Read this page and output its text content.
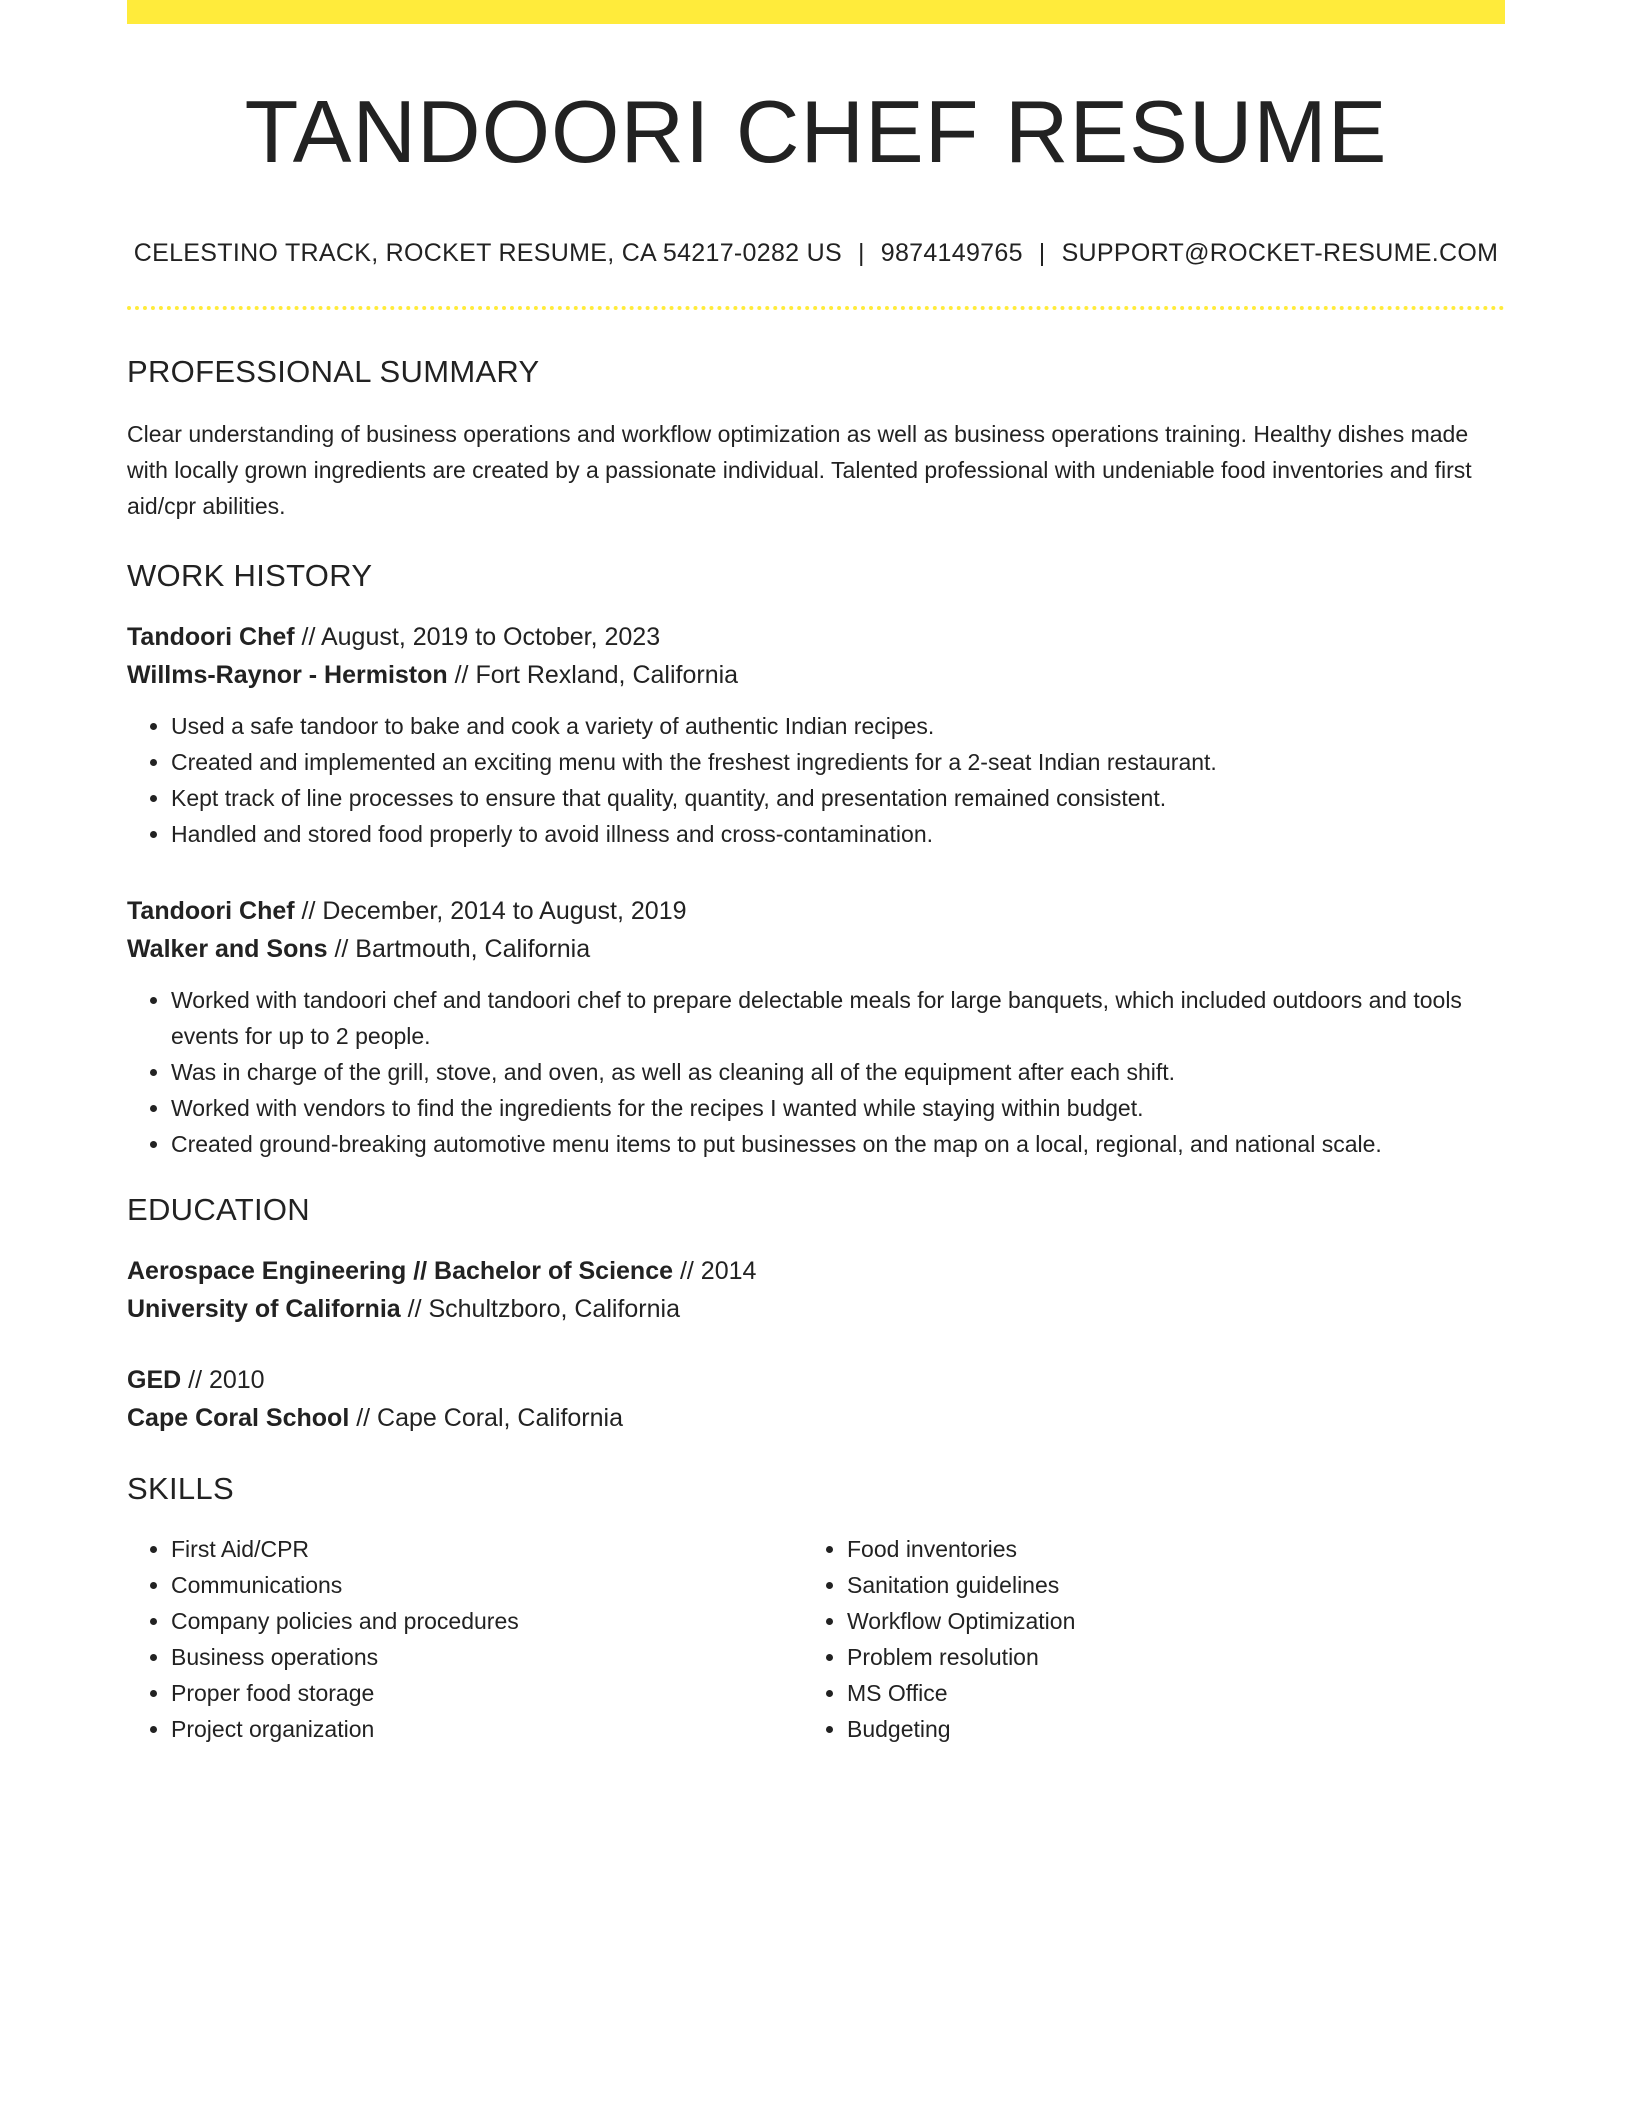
TANDOORI CHEF RESUME
CELESTINO TRACK, ROCKET RESUME, CA 54217-0282 US | 9874149765 | SUPPORT@ROCKET-RESUME.COM
PROFESSIONAL SUMMARY

Clear understanding of business operations and workflow optimization as well as business operations training. Healthy dishes made with locally grown ingredients are created by a passionate individual. Talented professional with undeniable food inventories and first aid/cpr abilities.

WORK HISTORY
Tandoori Chef // August, 2019 to October, 2023
Willms-Raynor - Hermiston // Fort Rexland, California
• Used a safe tandoor to bake and cook a variety of authentic Indian recipes.
• Created and implemented an exciting menu with the freshest ingredients for a 2-seat Indian restaurant.
• Kept track of line processes to ensure that quality, quantity, and presentation remained consistent.
• Handled and stored food properly to avoid illness and cross-contamination.
Tandoori Chef // December, 2014 to August, 2019
Walker and Sons // Bartmouth, California
• Worked with tandoori chef and tandoori chef to prepare delectable meals for large banquets, which included outdoors and tools events for up to 2 people.
• Was in charge of the grill, stove, and oven, as well as cleaning all of the equipment after each shift.
• Worked with vendors to find the ingredients for the recipes I wanted while staying within budget.
• Created ground-breaking automotive menu items to put businesses on the map on a local, regional, and national scale.
EDUCATION
Aerospace Engineering // Bachelor of Science // 2014
University of California // Schultzboro, California
GED // 2010
Cape Coral School // Cape Coral, California
SKILLS
• First Aid/CPR
• Communications
• Company policies and procedures
• Business operations
• Proper food storage
• Project organization
• Food inventories
• Sanitation guidelines
• Workflow Optimization
• Problem resolution
• MS Office
• Budgeting
